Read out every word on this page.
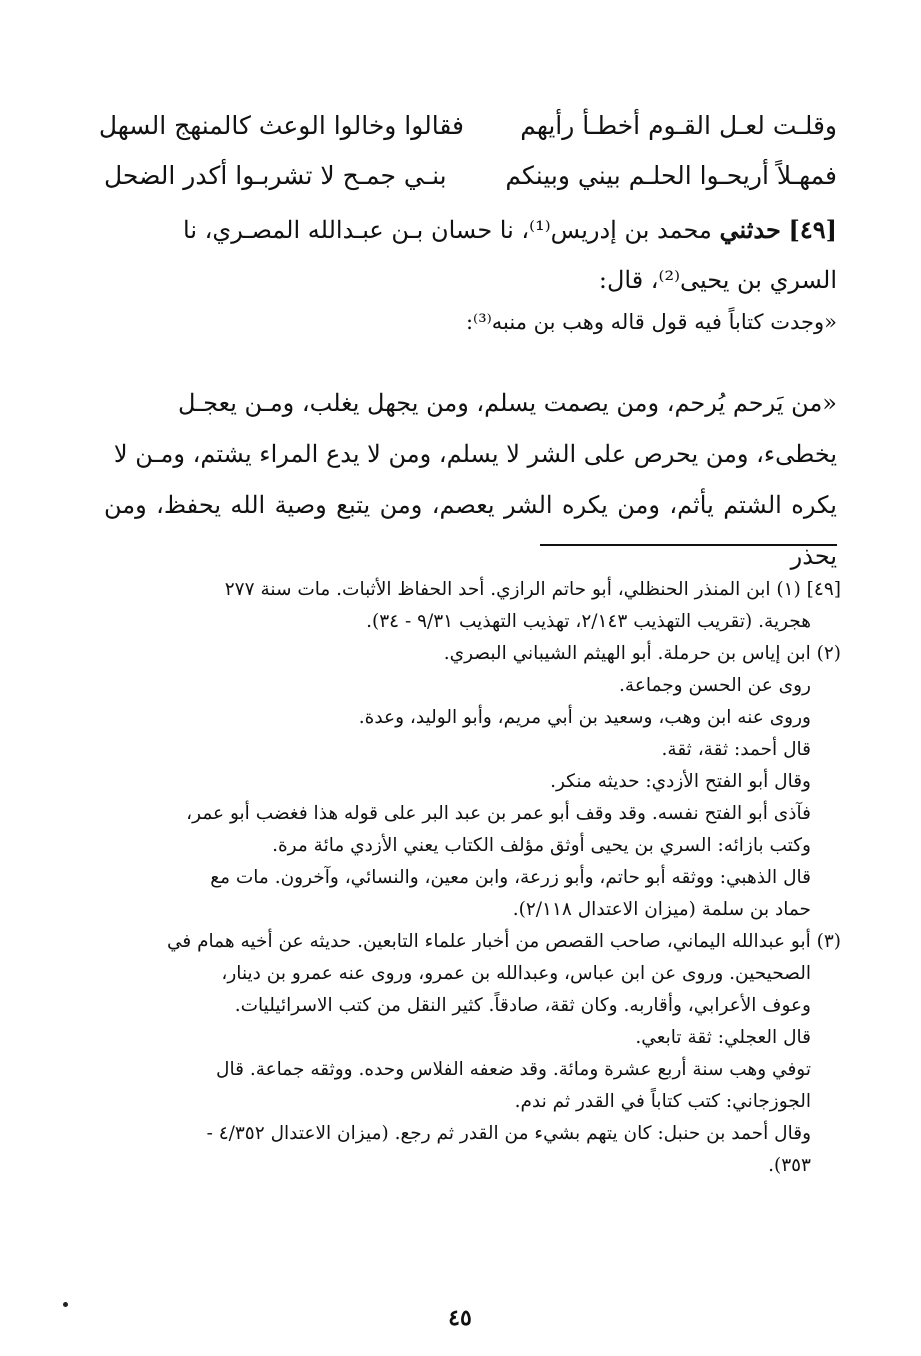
وقلـت لعـل القـوم أخطـأ رأيهم
فقالوا وخالوا الوعث كالمنهج السهل
فمهـلاً أريحـوا الحلـم بيني وبينكم
بنـي جمـح لا تشربـوا أكدر الضحل
[٤٩] حدثني محمد بن إدريس⁽¹⁾، نا حسان بـن عبـدالله المصـري، نا
السري بن يحيى⁽²⁾، قال:
«وجدت كتاباً فيه قول قاله وهب بن منبه⁽³⁾:
«من يَرحم يُرحم، ومن يصمت يسلم، ومن يجهل يغلب، ومـن يعجـل
يخطىء، ومن يحرص على الشر لا يسلم، ومن لا يدع المراء يشتم، ومـن لا
يكره الشتم يأثم، ومن يكره الشر يعصم، ومن يتبع وصية الله يحفظ، ومن يحذر
[٤٩] (١) ابن المنذر الحنظلي، أبو حاتم الرازي. أحد الحفاظ الأثبات. مات سنة ٢٧٧
هجرية. (تقريب التهذيب ٢/١٤٣، تهذيب التهذيب ٩/٣١ - ٣٤).
(٢) ابن إياس بن حرملة. أبو الهيثم الشيباني البصري.
روى عن الحسن وجماعة.
وروى عنه ابن وهب، وسعيد بن أبي مريم، وأبو الوليد، وعدة.
قال أحمد: ثقة، ثقة.
وقال أبو الفتح الأزدي: حديثه منكر.
فآذى أبو الفتح نفسه. وقد وقف أبو عمر بن عبد البر على قوله هذا فغضب أبو عمر،
وكتب بازائه: السري بن يحيى أوثق مؤلف الكتاب يعني الأزدي مائة مرة.
قال الذهبي: ووثقه أبو حاتم، وأبو زرعة، وابن معين، والنسائي، وآخرون. مات مع
حماد بن سلمة (ميزان الاعتدال ٢/١١٨).
(٣) أبو عبدالله اليماني، صاحب القصص من أخبار علماء التابعين. حديثه عن أخيه همام في
الصحيحين. وروى عن ابن عباس، وعبدالله بن عمرو، وروى عنه عمرو بن دينار،
وعوف الأعرابي، وأقاربه. وكان ثقة، صادقاً. كثير النقل من كتب الاسرائيليات.
قال العجلي: ثقة تابعي.
توفي وهب سنة أربع عشرة ومائة. وقد ضعفه الفلاس وحده. ووثقه جماعة. قال
الجوزجاني: كتب كتاباً في القدر ثم ندم.
وقال أحمد بن حنبل: كان يتهم بشيء من القدر ثم رجع. (ميزان الاعتدال ٤/٣٥٢ -
٣٥٣).
٤٥
